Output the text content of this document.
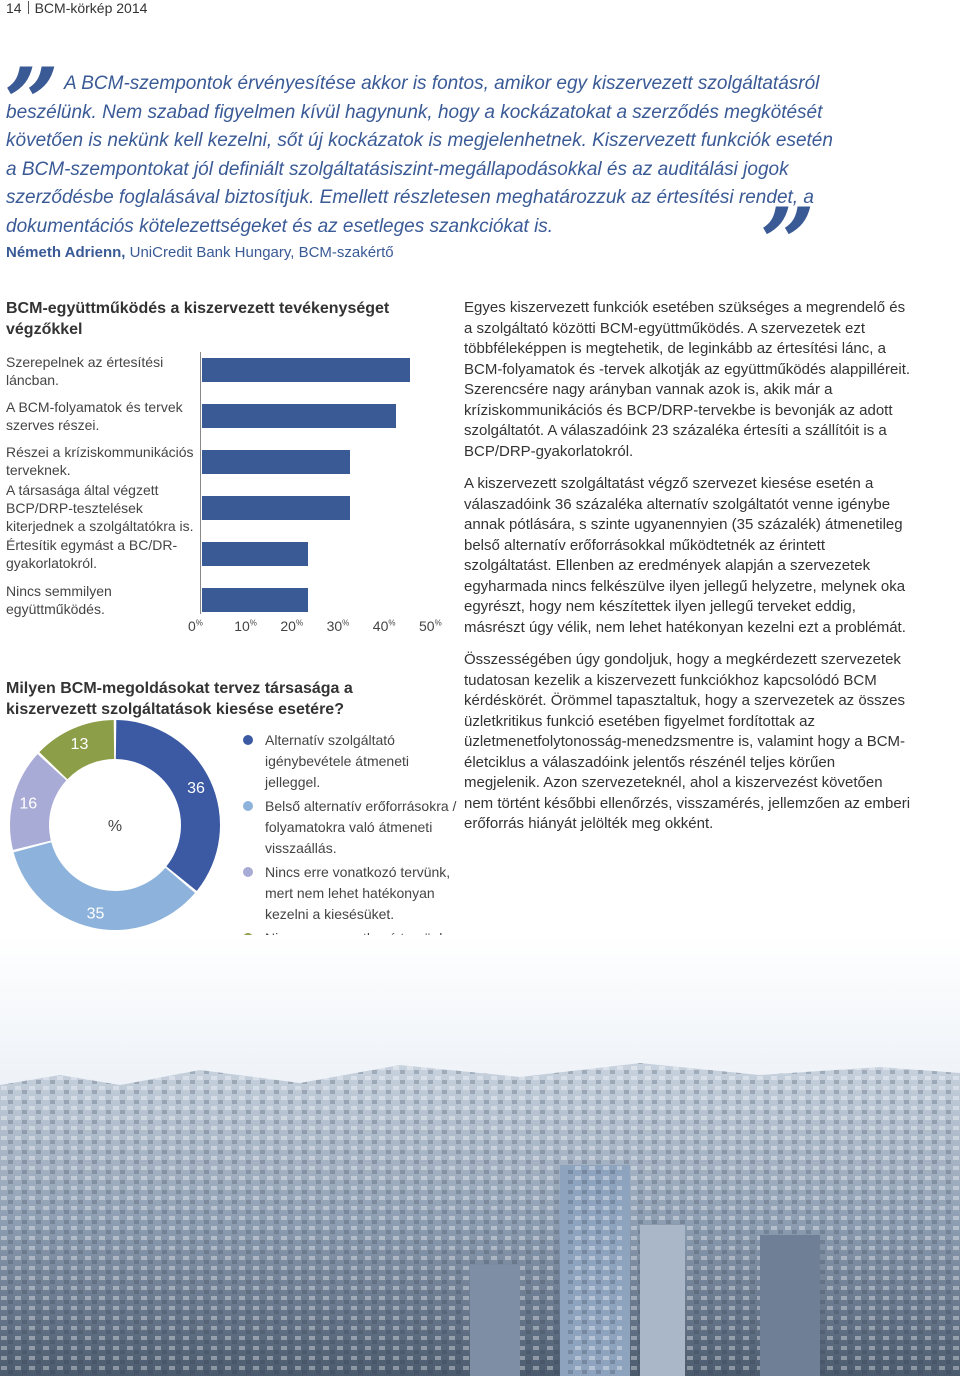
14 BCM-körkép 2014
” A BCM-szempontok érvényesítése akkor is fontos, amikor egy kiszervezett szolgáltatásról beszélünk. Nem szabad figyelmen kívül hagynunk, hogy a kockázatokat a szerződés megkötését követően is nekünk kell kezelni, sőt új kockázatok is megjelenhetnek. Kiszervezett funkciók esetén a BCM-szempontokat jól definiált szolgáltatásiszint-megállapodásokkal és az auditálási jogok szerződésbe foglalásával biztosítjuk. Emellett részletesen meghatározzuk az értesítési rendet, a dokumentációs kötelezettségeket és az esetleges szankciókat is.	”
Németh Adrienn, UniCredit Bank Hungary, BCM-szakértő
BCM-együttműködés a kiszervezett tevékenységet végzőkkel
Szerepelnek az értesítési láncban.
A BCM-folyamatok és tervek szerves részei.
Részei a kríziskommunikációs terveknek.
A társasága által végzett BCP/DRP-tesztelések kiterjednek a szolgáltatókra is.
Értesítik egymást a BC/DR-gyakorlatokról.
Nincs semmilyen együttműködés.
0% 10% 20% 30% 40% 50%
Milyen BCM-megoldásokat tervez társasága a kiszervezett szolgáltatások kiesése esetére?
36
35
16
13
%
Alternatív szolgáltató igénybevétele átmeneti jelleggel.
Belső alternatív erőforrásokra / folyamatokra való átmeneti visszaállás.
Nincs erre vonatkozó tervünk, mert nem lehet hatékonyan kezelni a kiesésüket.

Egyes kiszervezett funkciók esetében szükséges a megrendelő és a szolgáltató közötti BCM-együttműködés. A szervezetek ezt többféleképpen is megtehetik, de leginkább az értesítési lánc, a BCM-folyamatok és -tervek alkotják az együttműködés alappilléreit. Szerencsére nagy arányban vannak azok is, akik már a kríziskommunikációs és BCP/DRP-tervekbe is bevonják az adott szolgáltatót. A válaszadóink 23 százaléka értesíti a szállítóit is a BCP/DRP-gyakorlatokról.

A kiszervezett szolgáltatást végző szervezet kiesése esetén a válaszadóink 36 százaléka alternatív szolgáltatót venne igénybe annak pótlására, s szinte ugyanennyien (35 százalék) átmenetileg belső alternatív erőforrásokkal működtetnék az érintett szolgáltatást. Ellenben az eredmények alapján a szervezetek egyharmada nincs felkészülve ilyen jellegű helyzetre, melynek oka egyrészt, hogy nem készítettek ilyen jellegű terveket eddig, másrészt úgy vélik, nem lehet hatékonyan kezelni ezt a problémát.

Összességében úgy gondoljuk, hogy a megkérdezett szervezetek tudatosan kezelik a kiszervezett funkciókhoz kapcsolódó BCM kérdéskörét. Örömmel tapasztaltuk, hogy a szervezetek az összes üzletkritikus funkció esetében figyelmet fordítottak az üzletmenetfolytonosság-menedzsmentre is, valamint hogy a BCM-életciklus a válaszadóink jelentős részénél teljes körűen megjelenik. Azon szervezeteknél, ahol a kiszervezést követően nem történt későbbi ellenőrzés, visszamérés, jellemzően az emberi erőforrás hiányát jelölték meg okként.
